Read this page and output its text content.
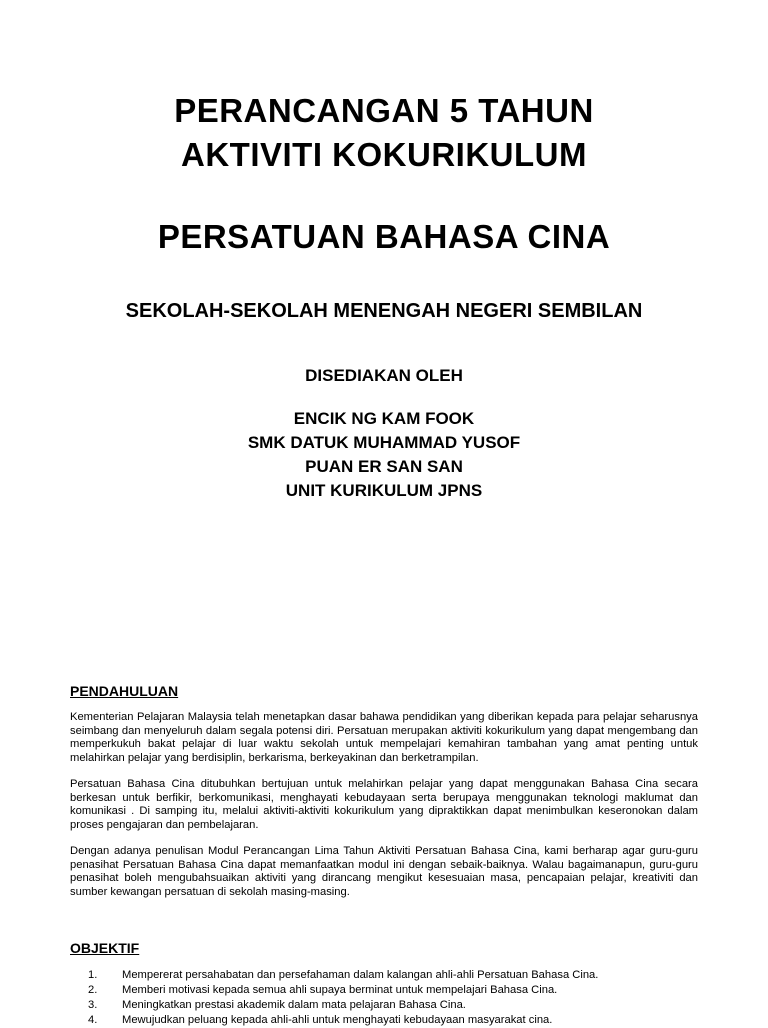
PERANCANGAN 5 TAHUN
AKTIVITI KOKURIKULUM
PERSATUAN BAHASA CINA
SEKOLAH-SEKOLAH MENENGAH NEGERI SEMBILAN
DISEDIAKAN OLEH
ENCIK NG KAM FOOK
SMK DATUK MUHAMMAD YUSOF
PUAN ER SAN SAN
UNIT KURIKULUM JPNS
PENDAHULUAN

Kementerian Pelajaran Malaysia telah menetapkan dasar bahawa pendidikan yang diberikan kepada para pelajar seharusnya seimbang dan menyeluruh dalam segala potensi diri. Persatuan merupakan aktiviti kokurikulum yang dapat mengembang dan memperkukuh bakat pelajar di luar waktu sekolah untuk mempelajari kemahiran tambahan yang amat penting untuk melahirkan pelajar yang berdisiplin, berkarisma, berkeyakinan dan berketrampilan.

Persatuan Bahasa Cina ditubuhkan bertujuan untuk melahirkan pelajar yang dapat menggunakan Bahasa Cina secara berkesan untuk berfikir, berkomunikasi, menghayati kebudayaan serta berupaya menggunakan teknologi maklumat dan komunikasi . Di samping itu, melalui aktiviti-aktiviti kokurikulum yang dipraktikkan dapat menimbulkan keseronokan dalam proses pengajaran dan pembelajaran.

Dengan adanya penulisan Modul Perancangan Lima Tahun Aktiviti Persatuan Bahasa Cina, kami berharap agar guru-guru penasihat Persatuan Bahasa Cina dapat memanfaatkan modul ini dengan sebaik-baiknya. Walau bagaimanapun, guru-guru penasihat boleh mengubahsuaikan aktiviti yang dirancang mengikut kesesuaian masa, pencapaian pelajar, kreativiti dan sumber kewangan persatuan di sekolah masing-masing.

OBJEKTIF
1.	Mempererat persahabatan dan persefahaman dalam kalangan ahli-ahli Persatuan Bahasa Cina.
2.	Memberi motivasi kepada semua ahli supaya berminat untuk mempelajari Bahasa Cina.
3.	Meningkatkan prestasi akademik dalam mata pelajaran Bahasa Cina.
4.	Mewujudkan peluang kepada ahli-ahli untuk menghayati kebudayaan masyarakat cina.
